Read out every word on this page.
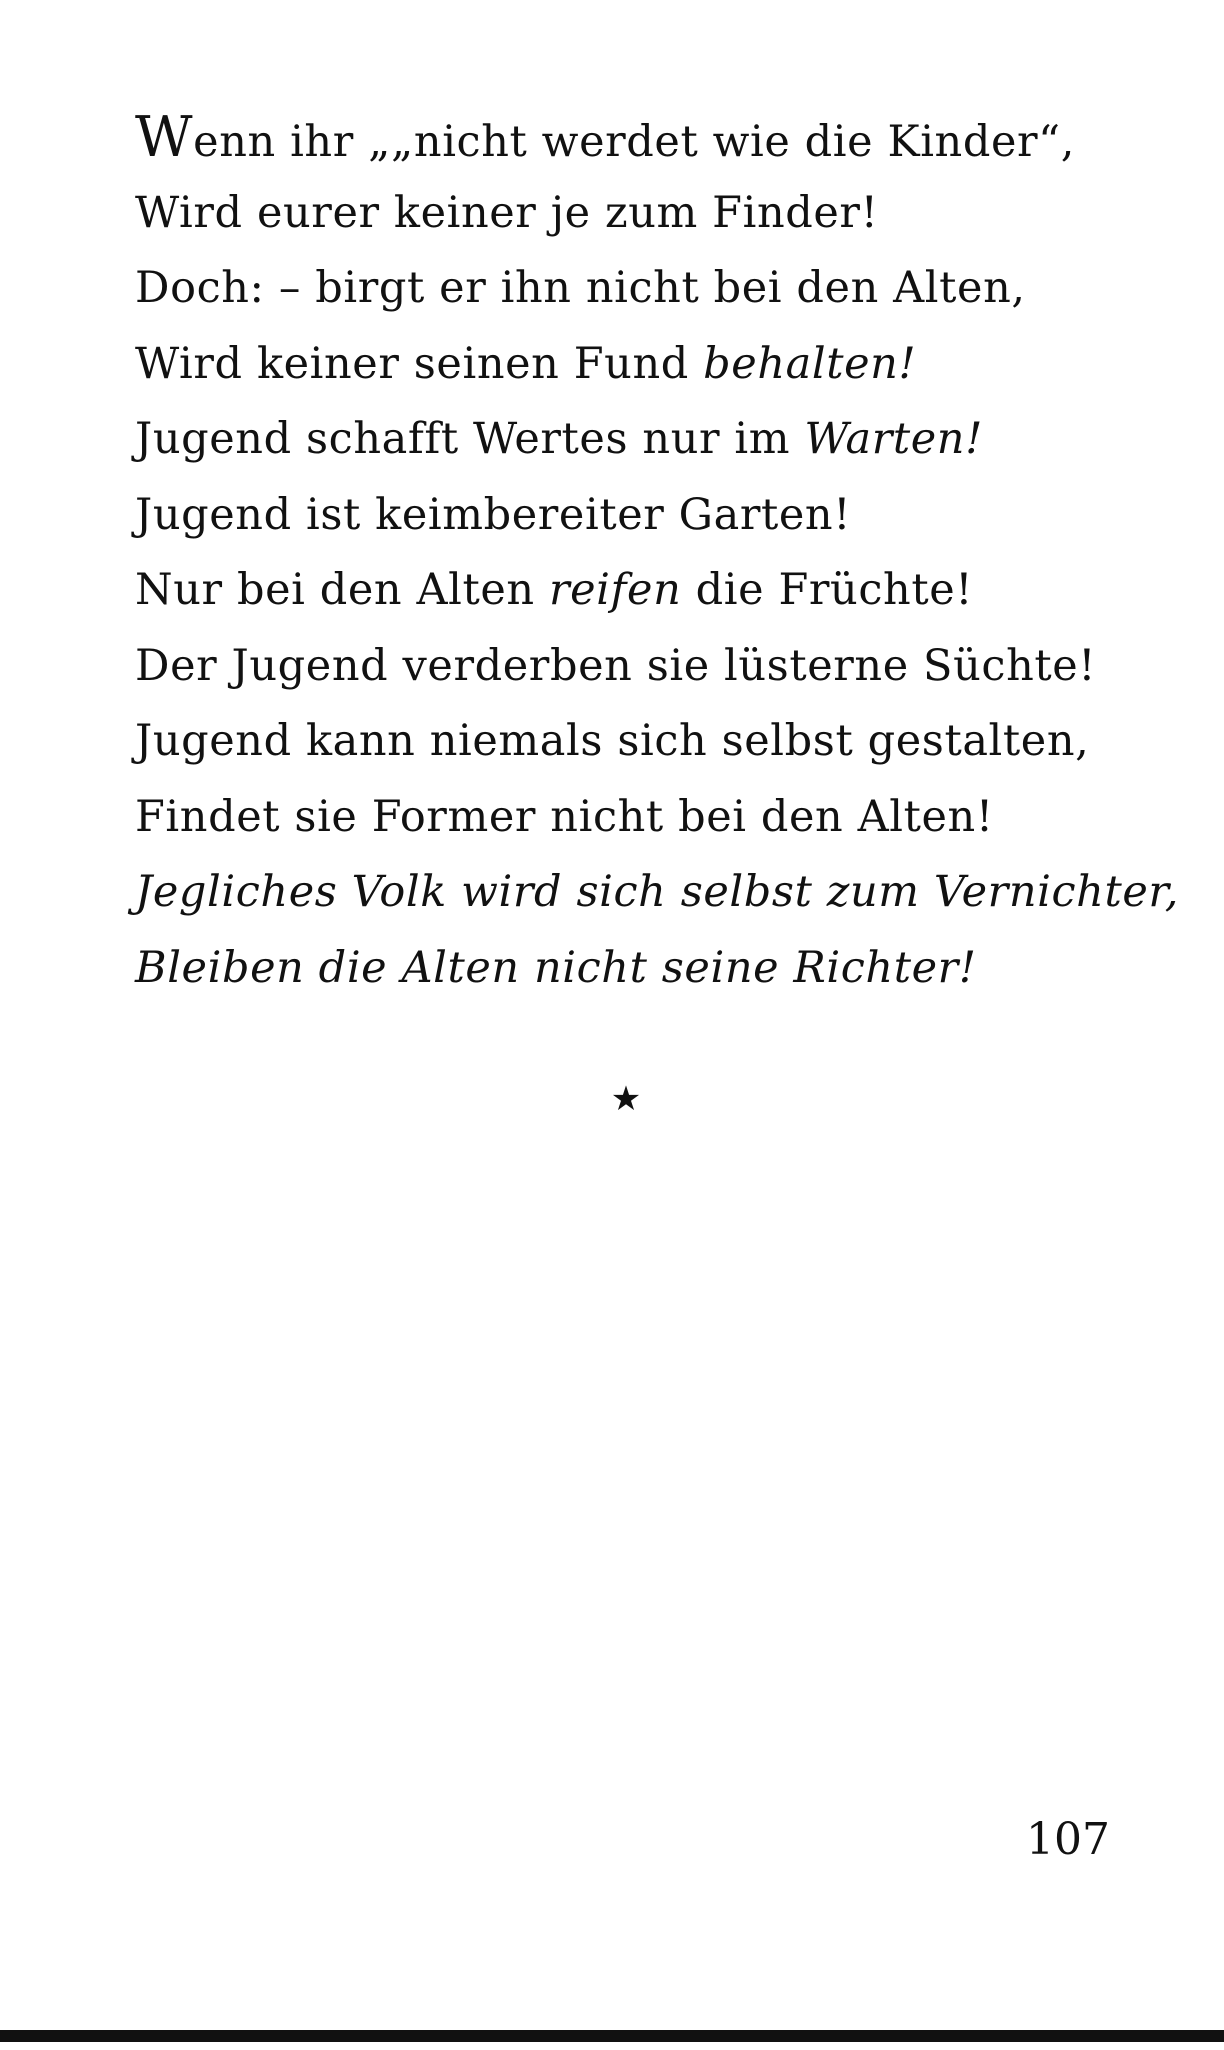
Wenn ihr „„nicht werdet wie die Kinder“,
Wird eurer keiner je zum Finder!
Doch: – birgt er ihn nicht bei den Alten,
Wird keiner seinen Fund behalten!
Jugend schafft Wertes nur im Warten!
Jugend ist keimbereiter Garten!
Nur bei den Alten reifen die Früchte!
Der Jugend verderben sie lüsterne Süchte!
Jugend kann niemals sich selbst gestalten,
Findet sie Former nicht bei den Alten!
Jegliches Volk wird sich selbst zum Vernichter,
Bleiben die Alten nicht seine Richter!
★
107
